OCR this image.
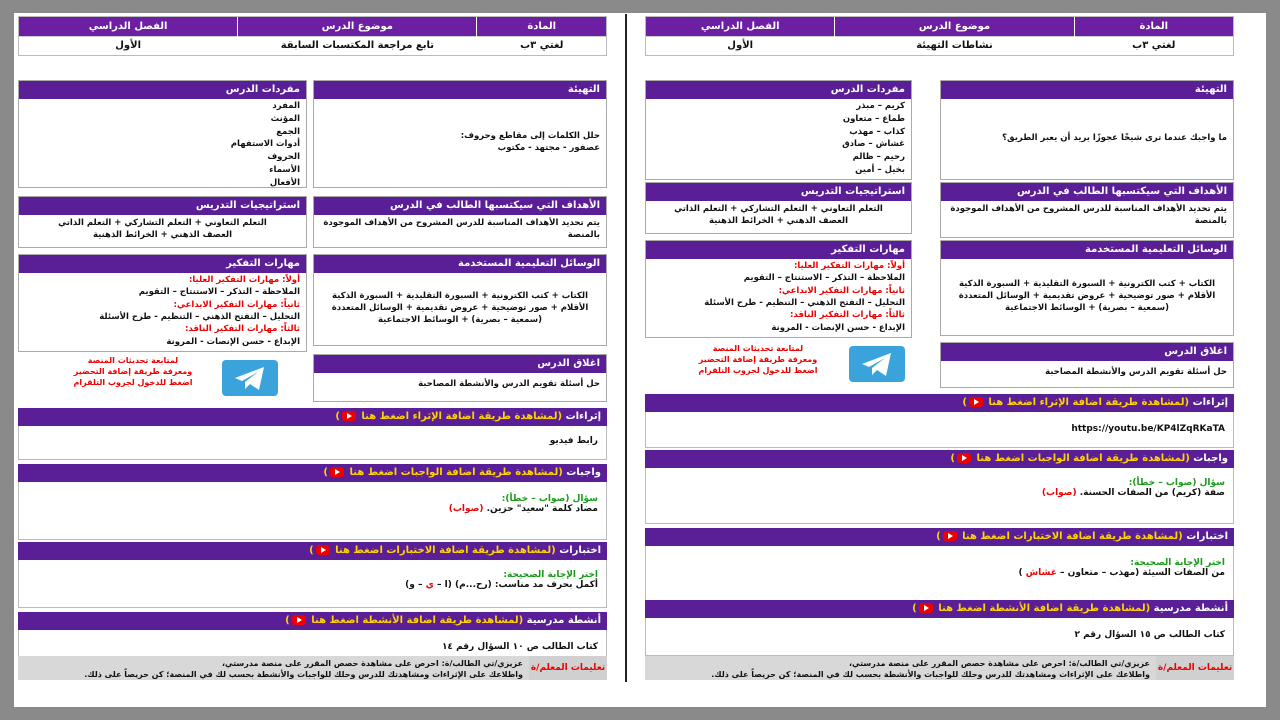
المادة
لغتي ٣ب
موضوع الدرس
تابع مراجعة المكتسبات السابقة
الفصل الدراسي
الأول
التهيئة
حلل الكلمات إلى مقاطع وحروف:
عصفور - مجتهد - مكتوب
مفردات الدرس
المفرد
المؤنث
الجمع
أدوات الاستفهام
الحروف
الأسماء
الأفعال
الأهداف التي سيكتسبها الطالب في الدرس
يتم تحديد الأهداف المناسبة للدرس المشروح من الأهداف الموجودة بالمنصة
استراتيجيات التدريس
التعلم التعاوني + التعلم التشاركي + التعلم الذاتي
العصف الذهني + الخرائط الذهنية
الوسائل التعليمية المستخدمة
الكتاب + كتب الكترونية + السبورة التقليدية + السبورة الذكية
الأقلام + صور توضيحية + عروض تقديمية + الوسائل المتعددة
(سمعية – بصرية) + الوسائط الاجتماعية
مهارات التفكير
أولاً: مهارات التفكير العليا:
الملاحظة – التذكر – الاستنتاج – التقويم
ثانياً: مهارات التفكير الابداعي:
التحليل – التفتح الذهني – التنظيم - طرح الأسئلة
ثالثاً: مهارات التفكير الناقد:
الإبداع - حسن الإنصات - المرونة
اغلاق الدرس
حل أسئلة تقويم الدرس والأنشطة المصاحبة
لمتابعة تحديثات المنصة
ومعرفة طريقة إضافة التحضير
اضغط للدخول لجروب التلقرام
إثراءات (لمشاهدة طريقة اضافة الإثراء اضغط هنا )
رابط فيديو
واجبات (لمشاهدة طريقة اضافة الواجبات اضغط هنا )
سؤال (صواب – خطأ):
مضاد كلمة "سعيد" حزين. (صواب)
اختبارات (لمشاهدة طريقة اضافة الاختبارات اضغط هنا )
اختر الإجابة الصحيحة:
أكمل بحرف مد مناسب: (ر‌ح...م) (ا – ي – و)
أنشطة مدرسية (لمشاهدة طريقة اضافة الأنشطة اضغط هنا )
كتاب الطالب ص ١٠ السؤال رقم ١٤
تعليمات المعلم/ة
عزيزي/تي الطالب/ة: احرص على مشاهدة حصص المقرر على منصة مدرستي،
واطلاعك على الإثراءات ومشاهدتك للدرس وحلك للواجبات والأنشطة بحسب لك في المنصة؛ كن حريصاً على ذلك.
المادة
لغتي ٣ب
موضوع الدرس
نشاطات التهيئة
الفصل الدراسي
الأول
التهيئة
ما واجبك عندما ترى شيخًا عجوزًا يريد أن يعبر الطريق؟
مفردات الدرس
كريم – مبذر
طماع – متعاون
كذاب – مهذب
غشاش – صادق
رحيم – ظالم
بخيل – أمين
الأهداف التي سيكتسبها الطالب في الدرس
يتم تحديد الأهداف المناسبة للدرس المشروح من الأهداف الموجودة بالمنصة
استراتيجيات التدريس
التعلم التعاوني + التعلم التشاركي + التعلم الذاتي
العصف الذهني + الخرائط الذهنية
الوسائل التعليمية المستخدمة
الكتاب + كتب الكترونية + السبورة التقليدية + السبورة الذكية
الأقلام + صور توضيحية + عروض تقديمية + الوسائل المتعددة
(سمعية – بصرية) + الوسائط الاجتماعية
مهارات التفكير
أولاً: مهارات التفكير العليا:
الملاحظة – التذكر – الاستنتاج – التقويم
ثانياً: مهارات التفكير الابداعي:
التحليل – التفتح الذهني – التنظيم - طرح الأسئلة
ثالثاً: مهارات التفكير الناقد:
الإبداع - حسن الإنصات - المرونة
اغلاق الدرس
حل أسئلة تقويم الدرس والأنشطة المصاحبة
لمتابعة تحديثات المنصة
ومعرفة طريقة إضافة التحضير
اضغط للدخول لجروب التلقرام
إثراءات (لمشاهدة طريقة اضافة الإثراء اضغط هنا )
https://youtu.be/KP4lZqRKaTA
واجبات (لمشاهدة طريقة اضافة الواجبات اضغط هنا )
سؤال (صواب – خطأ):
صفة (كريم) من الصفات الحسنة. (صواب)
اختبارات (لمشاهدة طريقة اضافة الاختبارات اضغط هنا )
اختر الإجابة الصحيحة:
من الصفات السيئة (مهذب – متعاون – غشاش )
أنشطة مدرسية (لمشاهدة طريقة اضافة الأنشطة اضغط هنا )
كتاب الطالب ص ١٥ السؤال رقم ٢
تعليمات المعلم/ة
عزيزي/تي الطالب/ة: احرص على مشاهدة حصص المقرر على منصة مدرستي،
واطلاعك على الإثراءات ومشاهدتك للدرس وحلك للواجبات والأنشطة بحسب لك في المنصة؛ كن حريصاً على ذلك.
